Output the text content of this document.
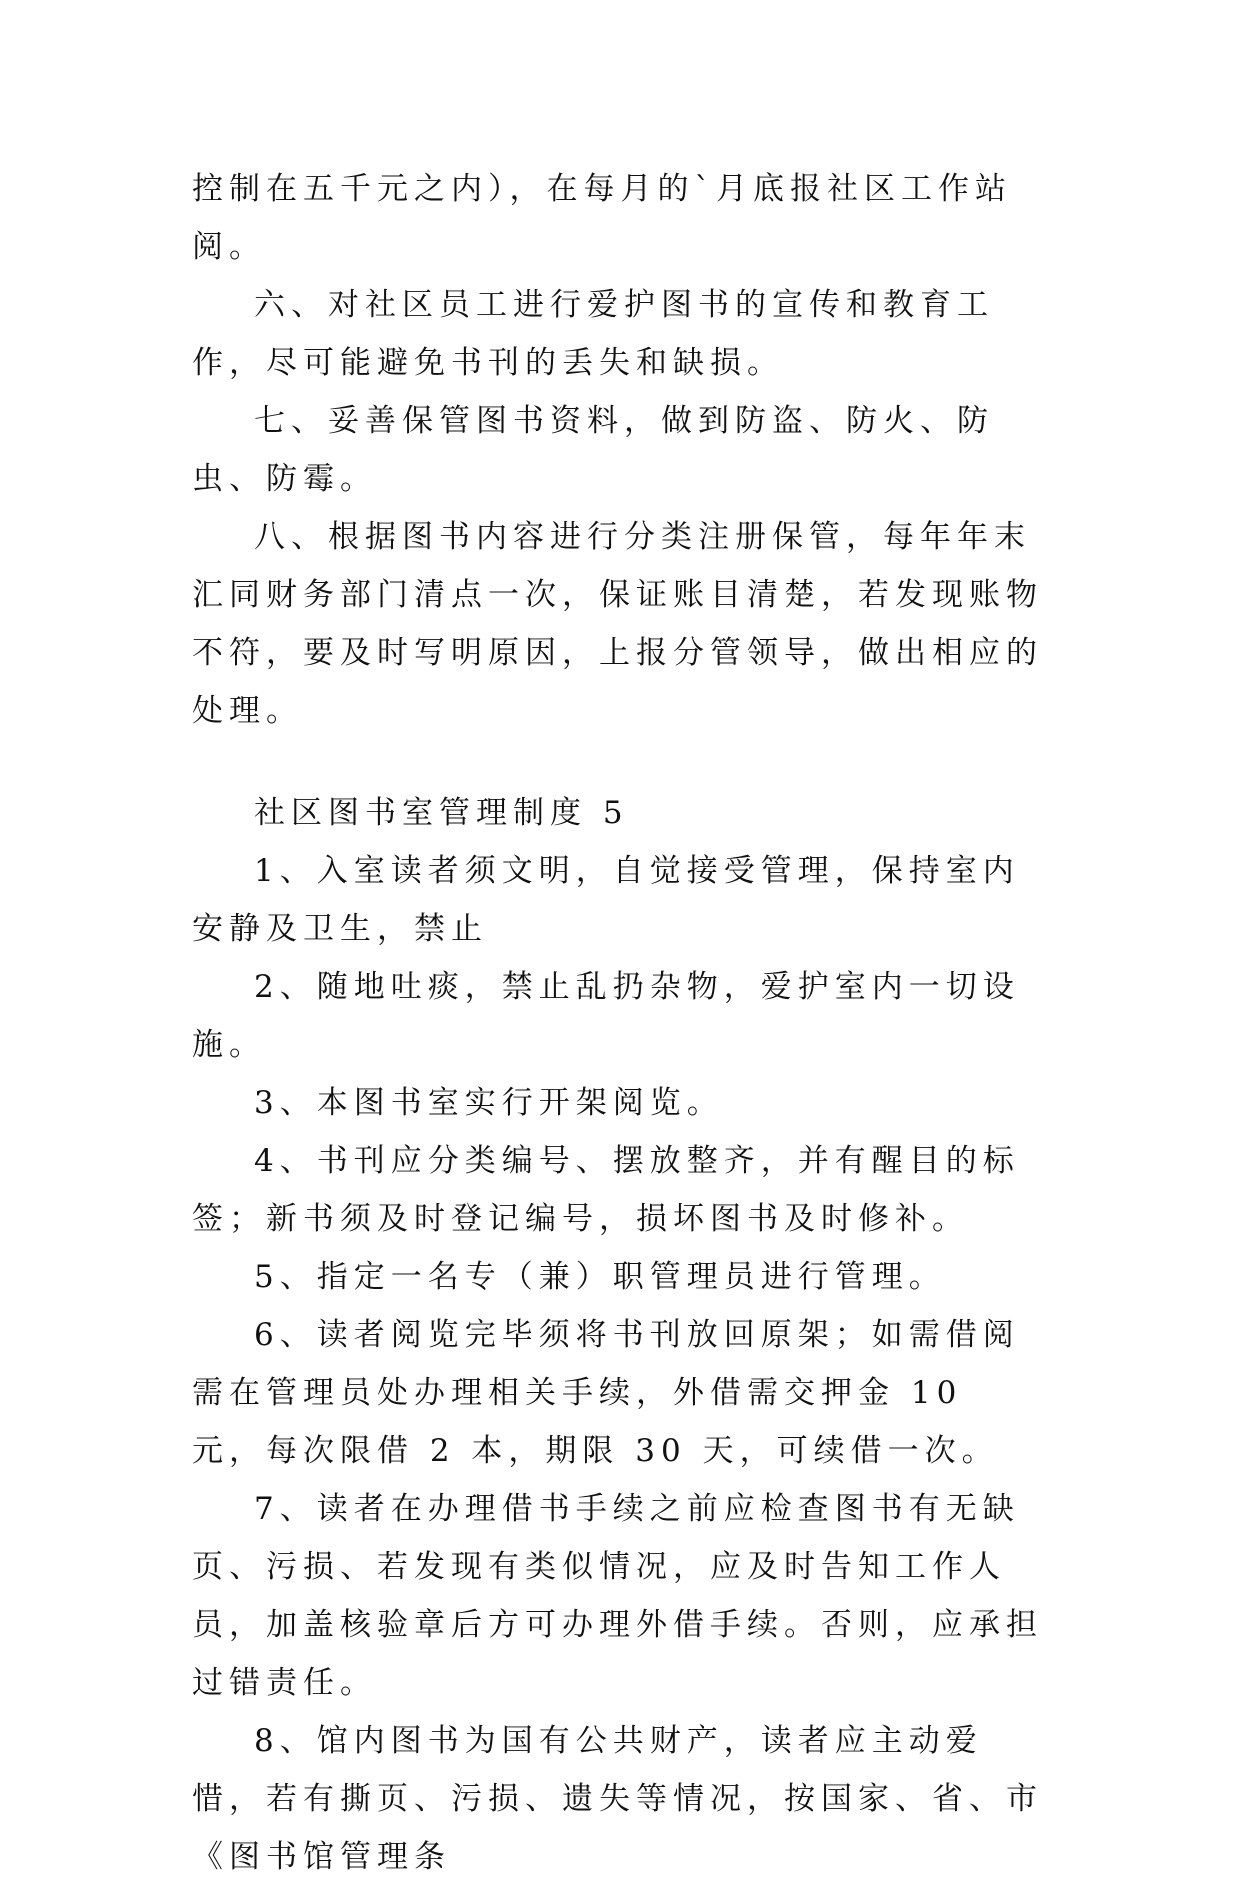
控制在五千元之内），在每月的`月底报社区工作站阅。

六、对社区员工进行爱护图书的宣传和教育工作，尽可能避免书刊的丢失和缺损。

七、妥善保管图书资料，做到防盗、防火、防虫、防霉。

八、根据图书内容进行分类注册保管，每年年末汇同财务部门清点一次，保证账目清楚，若发现账物不符，要及时写明原因，上报分管领导，做出相应的处理。

社区图书室管理制度 5

1、入室读者须文明，自觉接受管理，保持室内安静及卫生，禁止

2、随地吐痰，禁止乱扔杂物，爱护室内一切设施。

3、本图书室实行开架阅览。

4、书刊应分类编号、摆放整齐，并有醒目的标签；新书须及时登记编号，损坏图书及时修补。

5、指定一名专（兼）职管理员进行管理。

6、读者阅览完毕须将书刊放回原架；如需借阅需在管理员处办理相关手续，外借需交押金 10 元，每次限借 2 本，期限 30 天，可续借一次。

7、读者在办理借书手续之前应检查图书有无缺页、污损、若发现有类似情况，应及时告知工作人员，加盖核验章后方可办理外借手续。否则，应承担过错责任。

8、馆内图书为国有公共财产，读者应主动爱惜，若有撕页、污损、遗失等情况，按国家、省、市《图书馆管理条
